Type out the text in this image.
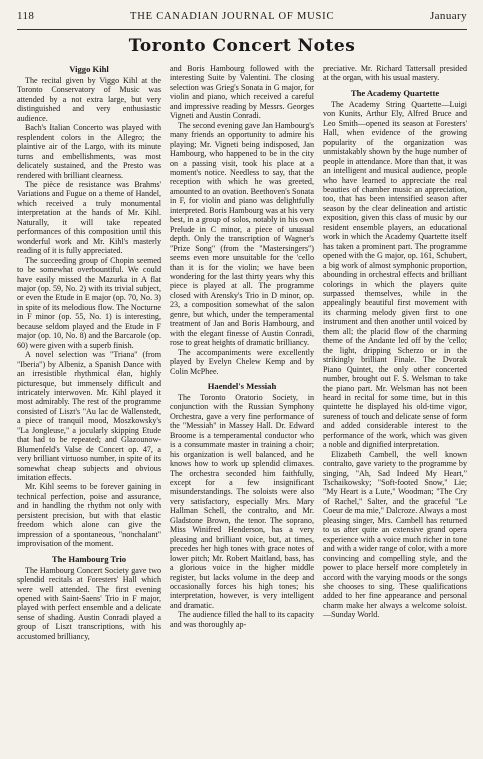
118	THE CANADIAN JOURNAL OF MUSIC	January
Toronto Concert Notes
Viggo Kihl

The recital given by Viggo Kihl at the Toronto Conservatory of Music was attended by a not extra large, but very distinguished and very enthusiastic audience.

Bach's Italian Concerto was played with resplendent colors in the Allegro; the plaintive air of the Largo, with its minute turns and embellishments, was most delicately sustained, and the Presto was rendered with brilliant clearness.

The pièce de resistance was Brahms' Variations and Fugue on a theme of Handel, which received a truly monumental interpretation at the hands of Mr. Kihl. Naturally, it will take repeated performances of this composition until this wonderful work and Mr. Kihl's masterly reading of it is fully appreciated.

The succeeding group of Chopin seemed to be somewhat overbountiful. We could have easily missed the Mazurka in A flat major (op. 59, No. 2) with its trivial subject, or even the Etude in E major (op. 70, No. 3) in spite of its melodious flow. The Nocturne in F minor (op. 55, No. 1) is interesting, because seldom played and the Etude in F major (op. 10, No. 8) and the Barcarole (op. 60) were given with a superb finish.

A novel selection was "Triana" (from "Iberia") by Albeniz, a Spanish Dance with an irresistible rhythmical élan, highly picturesque, but immensely difficult and intricately interwoven. Mr. Kihl played it most admirably. The rest of the programme consisted of Liszt's "Au lac de Wallenstedt, a piece of tranquil mood, Moszkowsky's "La Jongleuse," a jocularly skipping Etude that had to be repeated; and Glazounow-Blumenfeld's Valse de Concert op. 47, a very brilliant virtuoso number, in spite of its somewhat cheap subjects and obvious imitation effects.

Mr. Kihl seems to be forever gaining in technical perfection, poise and assurance, and in handling the rhythm not only with persistent precision, but with that elastic freedom which alone can give the impression of a spontaneous, "nonchalant" improvisation of the moment.

The Hambourg Trio

The Hambourg Concert Society gave two splendid recitals at Foresters' Hall which were well attended. The first evening opened with Saint-Saens' Trio in F major, played with perfect ensemble and a delicate sense of shading. Austin Conradi played a group of Liszt transcriptions, with his accustomed brilliancy,

and Boris Hambourg followed with the interesting Suite by Valentini. The closing selection was Grieg's Sonata in G major, for violin and piano, which received a careful and impressive reading by Messrs. Georges Vigneti and Austin Conradi.

The second evening gave Jan Hambourg's many friends an opportunity to admire his playing; Mr. Vigneti being indisposed, Jan Hambourg, who happened to be in the city on a passing visit, took his place at a moment's notice. Needless to say, that the reception with which he was greeted, amounted to an ovation. Beethoven's Sonata in F, for violin and piano was delightfully interpreted. Boris Hambourg was at his very best, in a group of solos, notably in his own Prelude in C minor, a piece of unusual depth. Only the transcription of Wagner's "Prize Song" (from the "Mastersingers") seems even more unsuitable for the 'cello than it is for the violin; we have been wondering for the last thirty years why this piece is played at all. The programme closed with Arensky's Trio in D minor, op. 23, a composition somewhat of the salon genre, but which, under the temperamental treatment of Jan and Boris Hambourg, and with the elegant finesse of Austin Conradi, rose to great heights of dramatic brilliancy.

The accompaniments were excellently played by Evelyn Chelew Kemp and by Colin McPhee.

Haendel's Messiah

The Toronto Oratorio Society, in conjunction with the Russian Symphony Orchestra, gave a very fine performance of the "Messiah" in Massey Hall. Dr. Edward Broome is a temperamental conductor who is a consummate master in training a choir; his organization is well balanced, and he knows how to work up splendid climaxes. The orchestra seconded him faithfully, except for a few insignificant misunderstandings. The soloists were also very satisfactory, especially Mrs. Mary Hallman Schell, the contralto, and Mr. Gladstone Brown, the tenor. The soprano, Miss Winifred Henderson, has a very pleasing and brilliant voice, but, at times, precedes her high tones with grace notes of lower pitch; Mr. Robert Maitland, bass, has a glorious voice in the higher middle register, but lacks volume in the deep and occasionally forces his high tones; his interpretation, however, is very intelligent and dramatic.

The audience filled the hall to its capacity and was thoroughly ap-

preciative. Mr. Richard Tattersall presided at the organ, with his usual mastery.

The Academy Quartette

The Academy String Quartette—Luigi von Kunits, Arthur Ely, Alfred Bruce and Leo Smith—opened its season at Foresters' Hall, when evidence of the growing popularity of the organization was unmistakably shown by the huge number of people in attendance. More than that, it was an intelligent and musical audience, people who have learned to appreciate the real beauties of chamber music an appreciation, too, that has been intensified season after season by the clear delineation and artistic exposition, given this class of music by our resident ensemble players, an educational work in which the Academy Quartette itself has taken a prominent part. The programme opened with the G major, op. 161, Schubert, a big work of almost symphonic proportion, abounding in orchestral effects and brilliant colorings in which the players quite surpassed themselves, while in the appealingly beautiful first movement with its charming melody given first to one instrument and then another until voiced by them all; the placid flow of the charming theme of the Andante led off by the 'cello; the light, dripping Scherzo or in the strikingly brilliant Finale. The Dvorak Piano Quintet, the only other concerted number, brought out F. S. Welsman to take the piano part. Mr. Welsman has not been heard in recital for some time, but in this quintette he displayed his old-time vigor, sureness of touch and delicate sense of form and added considerable interest to the performance of the work, which was given a noble and dignified interpretation.

Elizabeth Cambell, the well known contralto, gave variety to the programme by singing, "Ah, Sad Indeed My Heart," Tschaikowsky; "Soft-footed Snow," Lie; "My Heart is a Lute," Woodman; "The Cry of Rachel," Salter, and the graceful "Le Coeur de ma mie," Dalcroze. Always a most pleasing singer, Mrs. Cambell has returned to us after quite an extensive grand opera experience with a voice much richer in tone and with a wider range of color, with a more convincing and compelling style, and the power to place herself more completely in accord with the varying moods or the songs she chooses to sing. These qualifications added to her fine appearance and personal charm make her always a welcome soloist.—Sunday World.
